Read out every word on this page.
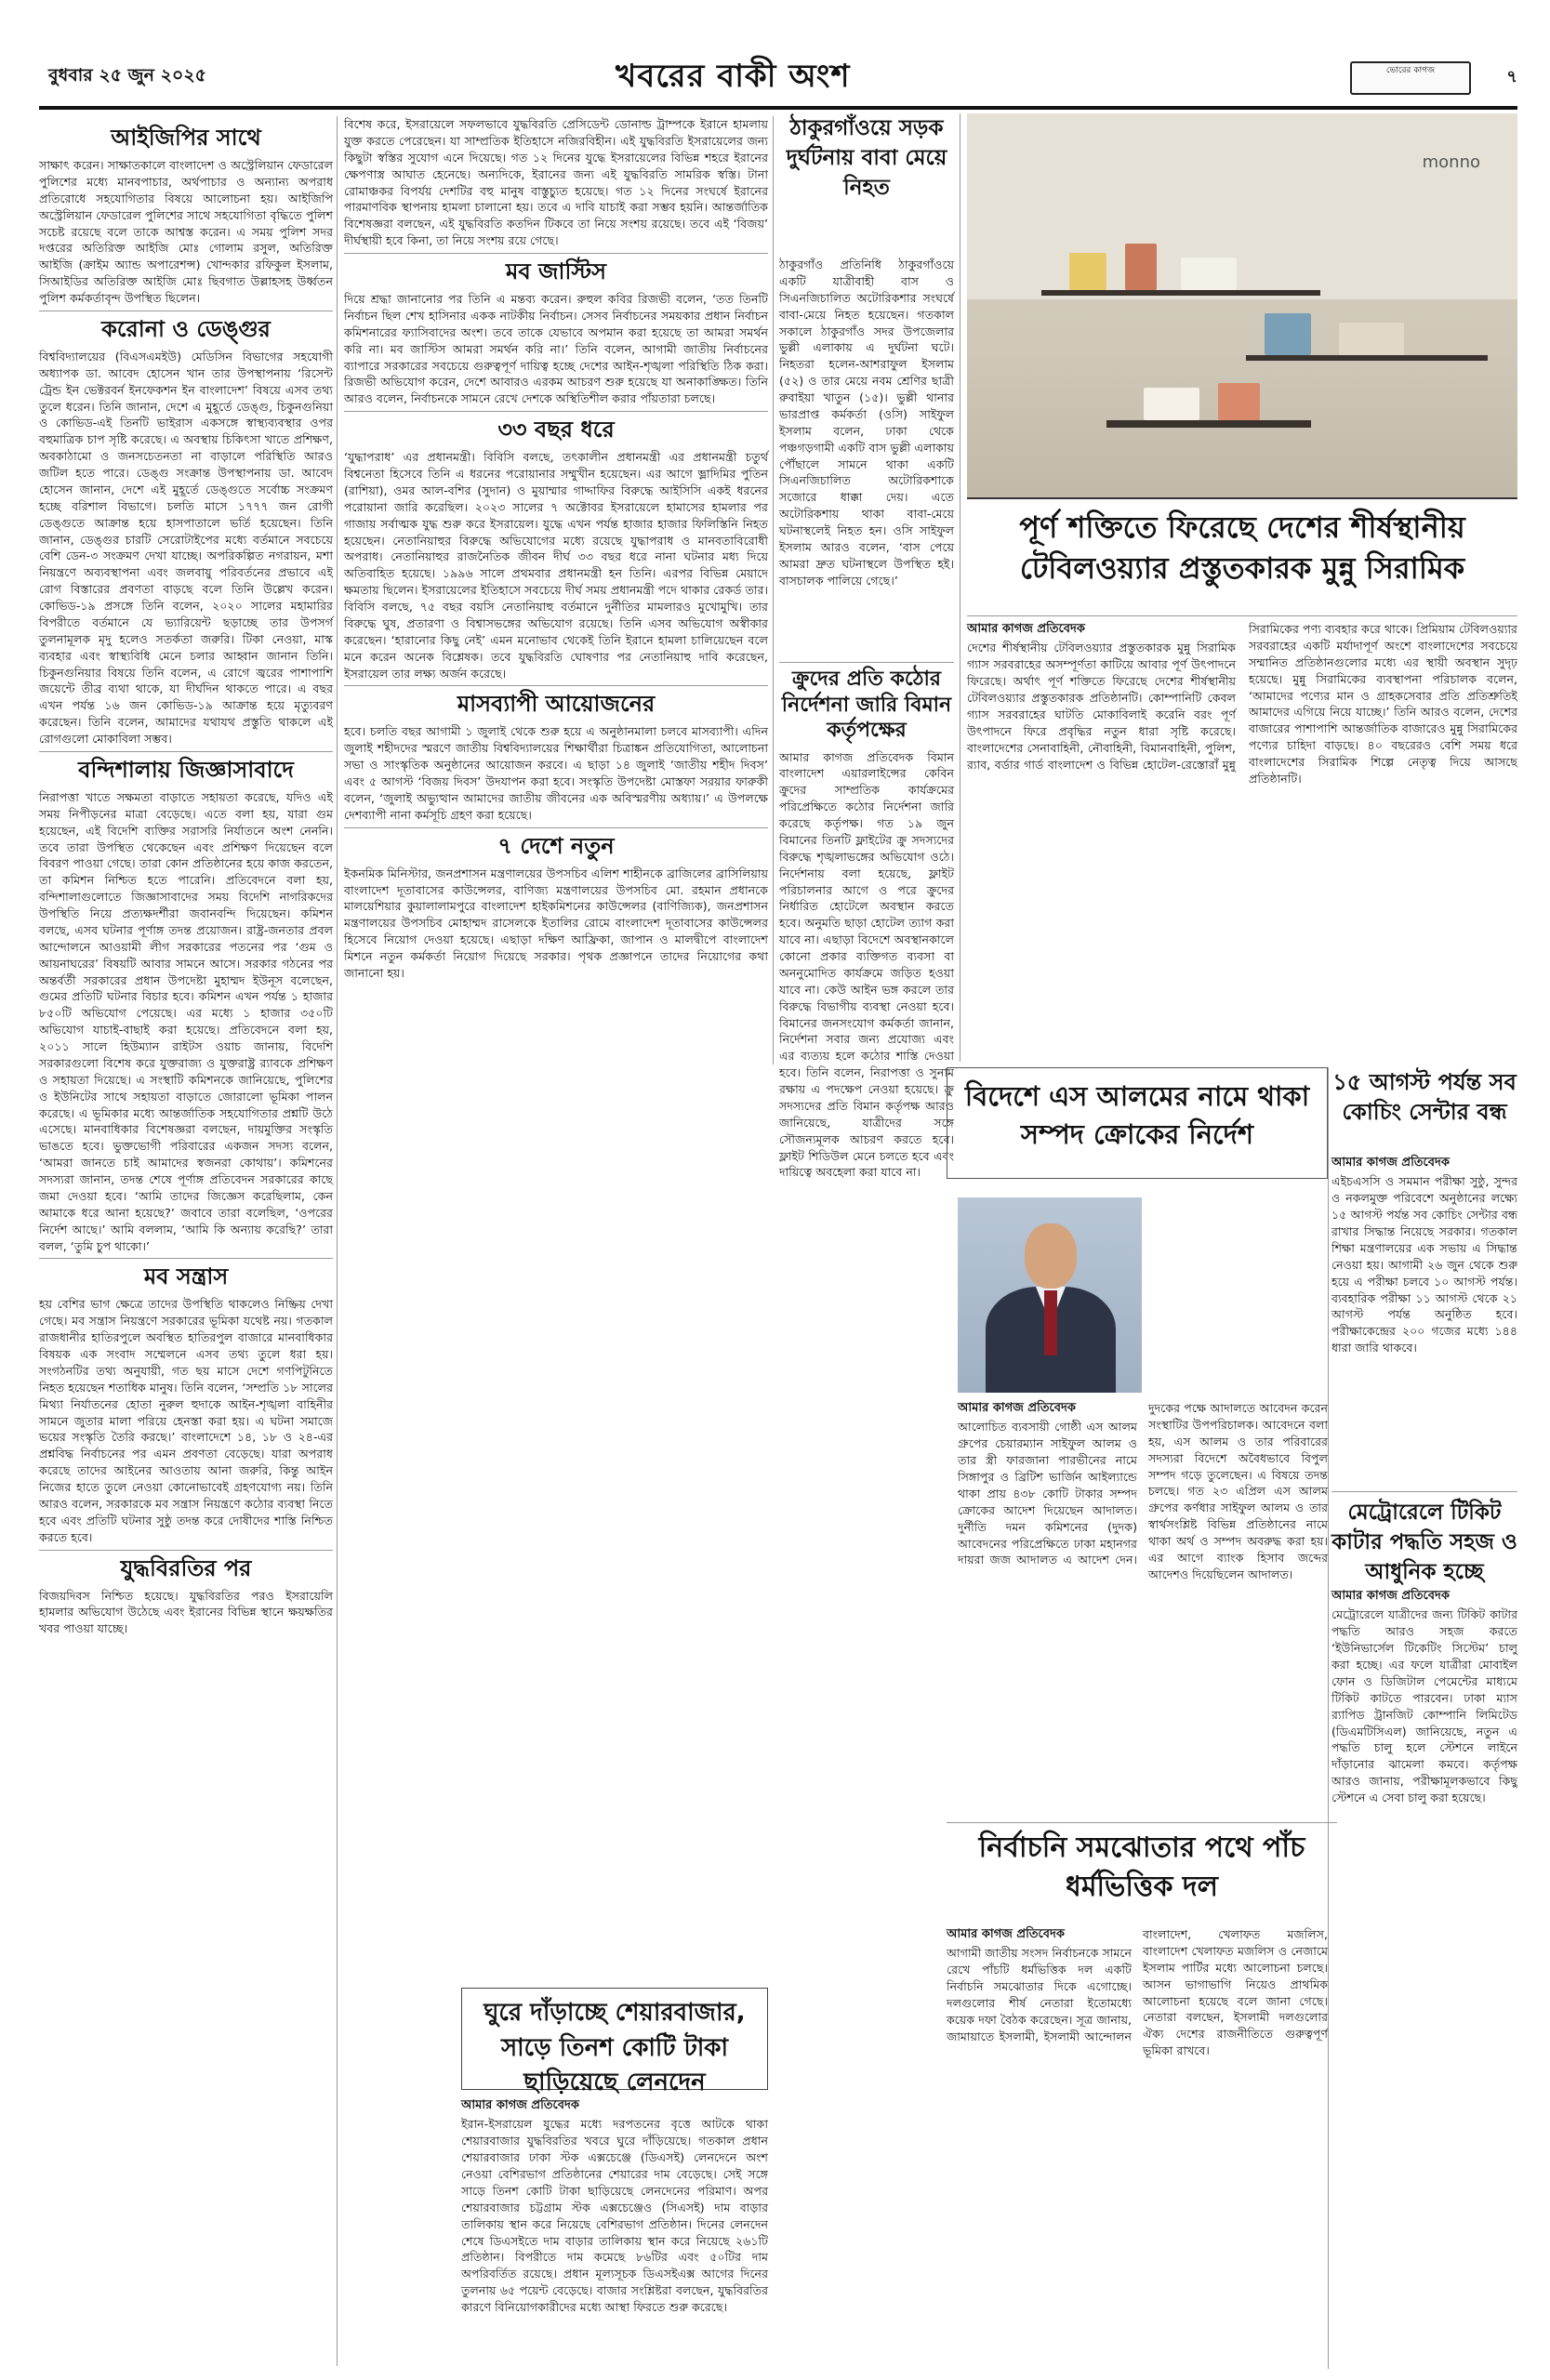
বুধবার ২৫ জুন ২০২৫	খবরের বাকী অংশ	ভোরের কাগজ	৭
আইজিপির সাথে

সাক্ষাৎ করেন। সাক্ষাতকালে বাংলাদেশ ও অস্ট্রেলিয়ান ফেডারেল পুলিশের মধ্যে মানবপাচার, অর্থপাচার ও অন্যান্য অপরাধ প্রতিরোধে সহযোগিতার বিষয়ে আলোচনা হয়। আইজিপি অস্ট্রেলিয়ান ফেডারেল পুলিশের সাথে সহযোগিতা বৃদ্ধিতে পুলিশ সচেষ্ট রয়েছে বলে তাকে আশ্বস্ত করেন। এ সময় পুলিশ সদর দপ্তরের অতিরিক্ত আইজি মোঃ গোলাম রসুল, অতিরিক্ত আইজি (ক্রাইম অ্যান্ড অপারেশন্স) খোন্দকার রফিকুল ইসলাম, সিআইডির অতিরিক্ত আইজি মোঃ ছিবগাত উল্লাহসহ উর্ধ্বতন পুলিশ কর্মকর্তাবৃন্দ উপস্থিত ছিলেন।

করোনা ও ডেঙ্গুর

বিশ্ববিদ্যালয়ের (বিএসএমইউ) মেডিসিন বিভাগের সহযোগী অধ্যাপক ডা. আবেদ হোসেন খান তার উপস্থাপনায় ‘রিসেন্ট ট্রেন্ড ইন ভেক্টরবর্ন ইনফেকশন ইন বাংলাদেশ’ বিষয়ে এসব তথ্য তুলে ধরেন। তিনি জানান, দেশে এ মুহূর্তে ডেঙ্গু, চিকুনগুনিয়া ও কোভিড-এই তিনটি ভাইরাস একসঙ্গে স্বাস্থ্যব্যবস্থার ওপর বহুমাত্রিক চাপ সৃষ্টি করেছে। এ অবস্থায় চিকিৎসা খাতে প্রশিক্ষণ, অবকাঠামো ও জনসচেতনতা না বাড়ালে পরিস্থিতি আরও জটিল হতে পারে। ডেঙ্গু সংক্রান্ত উপস্থাপনায় ডা. আবেদ হোসেন জানান, দেশে এই মুহূর্তে ডেঙ্গুতে সর্বোচ্চ সংক্রমণ হচ্ছে বরিশাল বিভাগে। চলতি মাসে ১৭৭৭ জন রোগী ডেঙ্গুতে আক্রান্ত হয়ে হাসপাতালে ভর্তি হয়েছেন। তিনি জানান, ডেঙ্গুর চারটি সেরোটাইপের মধ্যে বর্তমানে সবচেয়ে বেশি ডেন-৩ সংক্রমণ দেখা যাচ্ছে। অপরিকল্পিত নগরায়ন, মশা নিয়ন্ত্রণে অব্যবস্থাপনা এবং জলবায়ু পরিবর্তনের প্রভাবে এই রোগ বিস্তারের প্রবণতা বাড়ছে বলে তিনি উল্লেখ করেন। কোভিড-১৯ প্রসঙ্গে তিনি বলেন, ২০২০ সালের মহামারির বিপরীতে বর্তমানে যে ভ্যারিয়েন্ট ছড়াচ্ছে তার উপসর্গ তুলনামূলক মৃদু হলেও সতর্কতা জরুরি। টিকা নেওয়া, মাস্ক ব্যবহার এবং স্বাস্থ্যবিধি মেনে চলার আহ্বান জানান তিনি। চিকুনগুনিয়ার বিষয়ে তিনি বলেন, এ রোগে জ্বরের পাশাপাশি জয়েন্টে তীব্র ব্যথা থাকে, যা দীর্ঘদিন থাকতে পারে। এ বছর এখন পর্যন্ত ১৬ জন কোভিড-১৯ আক্রান্ত হয়ে মৃত্যুবরণ করেছেন। তিনি বলেন, আমাদের যথাযথ প্রস্তুতি থাকলে এই রোগগুলো মোকাবিলা সম্ভব।

বন্দিশালায় জিজ্ঞাসাবাদে

নিরাপত্তা খাতে সক্ষমতা বাড়াতে সহায়তা করেছে, যদিও এই সময় নিপীড়নের মাত্রা বেড়েছে। এতে বলা হয়, যারা গুম হয়েছেন, এই বিদেশি ব্যক্তির সরাসরি নির্যাতনে অংশ নেননি। তবে তারা উপস্থিত থেকেছেন এবং প্রশিক্ষণ দিয়েছেন বলে বিবরণ পাওয়া গেছে। তারা কোন প্রতিষ্ঠানের হয়ে কাজ করতেন, তা কমিশন নিশ্চিত হতে পারেনি। প্রতিবেদনে বলা হয়, বন্দিশালাগুলোতে জিজ্ঞাসাবাদের সময় বিদেশি নাগরিকদের উপস্থিতি নিয়ে প্রত্যক্ষদর্শীরা জবানবন্দি দিয়েছেন। কমিশন বলছে, এসব ঘটনার পূর্ণাঙ্গ তদন্ত প্রয়োজন। রাষ্ট্র-জনতার প্রবল আন্দোলনে আওয়ামী লীগ সরকারের পতনের পর ‘গুম ও আয়নাঘরের’ বিষয়টি আবার সামনে আসে। সরকার গঠনের পর অন্তর্বর্তী সরকারের প্রধান উপদেষ্টা মুহাম্মদ ইউনূস বলেছেন, গুমের প্রতিটি ঘটনার বিচার হবে। কমিশন এখন পর্যন্ত ১ হাজার ৮৫০টি অভিযোগ পেয়েছে। এর মধ্যে ১ হাজার ৩৫০টি অভিযোগ যাচাই-বাছাই করা হয়েছে। প্রতিবেদনে বলা হয়, ২০১১ সালে হিউম্যান রাইটস ওয়াচ জানায়, বিদেশি সরকারগুলো বিশেষ করে যুক্তরাজ্য ও যুক্তরাষ্ট্র র‍্যাবকে প্রশিক্ষণ ও সহায়তা দিয়েছে। এ সংস্থাটি কমিশনকে জানিয়েছে, পুলিশের ও ইউনিটের সাথে সহায়তা বাড়াতে জোরালো ভূমিকা পালন করেছে। এ ভূমিকার মধ্যে আন্তর্জাতিক সহযোগিতার প্রশ্নটি উঠে এসেছে। মানবাধিকার বিশেষজ্ঞরা বলছেন, দায়মুক্তির সংস্কৃতি ভাঙতে হবে। ভুক্তভোগী পরিবারের একজন সদস্য বলেন, ‘আমরা জানতে চাই আমাদের স্বজনরা কোথায়’। কমিশনের সদস্যরা জানান, তদন্ত শেষে পূর্ণাঙ্গ প্রতিবেদন সরকারের কাছে জমা দেওয়া হবে। ‘আমি তাদের জিজ্ঞেস করেছিলাম, কেন আমাকে ধরে আনা হয়েছে?’ জবাবে তারা বলেছিল, ‘ওপরের নির্দেশ আছে।’ আমি বললাম, ‘আমি কি অন্যায় করেছি?’ তারা বলল, ‘তুমি চুপ থাকো।’

মব সন্ত্রাস

হয় বেশির ভাগ ক্ষেত্রে তাদের উপস্থিতি থাকলেও নিষ্ক্রিয় দেখা গেছে। মব সন্ত্রাস নিয়ন্ত্রণে সরকারের ভূমিকা যথেষ্ট নয়। গতকাল রাজধানীর হাতিরপুলে অবস্থিত হাতিরপুল বাজারে মানবাধিকার বিষয়ক এক সংবাদ সম্মেলনে এসব তথ্য তুলে ধরা হয়। সংগঠনটির তথ্য অনুযায়ী, গত ছয় মাসে দেশে গণপিটুনিতে নিহত হয়েছেন শতাধিক মানুষ। তিনি বলেন, ‘সম্প্রতি ১৮ সালের মিথ্যা নির্যাতনের হোতা নুরুল হুদাকে আইন-শৃঙ্খলা বাহিনীর সামনে জুতার মালা পরিয়ে হেনস্তা করা হয়। এ ঘটনা সমাজে ভয়ের সংস্কৃতি তৈরি করছে।’ বাংলাদেশে ১৪, ১৮ ও ২৪-এর প্রশ্নবিদ্ধ নির্বাচনের পর এমন প্রবণতা বেড়েছে। যারা অপরাধ করেছে তাদের আইনের আওতায় আনা জরুরি, কিন্তু আইন নিজের হাতে তুলে নেওয়া কোনোভাবেই গ্রহণযোগ্য নয়। তিনি আরও বলেন, সরকারকে মব সন্ত্রাস নিয়ন্ত্রণে কঠোর ব্যবস্থা নিতে হবে এবং প্রতিটি ঘটনার সুষ্ঠু তদন্ত করে দোষীদের শাস্তি নিশ্চিত করতে হবে।

যুদ্ধবিরতির পর

বিজয়দিবস নিশ্চিত হয়েছে। যুদ্ধবিরতির পরও ইসরায়েলি হামলার অভিযোগ উঠেছে এবং ইরানের বিভিন্ন স্থানে ক্ষয়ক্ষতির খবর পাওয়া যাচ্ছে।

বিশেষ করে, ইসরায়েলে সফলভাবে যুদ্ধবিরতি প্রেসিডেন্ট ডোনাল্ড ট্রাম্পকে ইরানে হামলায় যুক্ত করতে পেরেছেন। যা সাম্প্রতিক ইতিহাসে নজিরবিহীন। এই যুদ্ধবিরতি ইসরায়েলের জন্য কিছুটা স্বস্তির সুযোগ এনে দিয়েছে। গত ১২ দিনের যুদ্ধে ইসরায়েলের বিভিন্ন শহরে ইরানের ক্ষেপণাস্ত্র আঘাত হেনেছে। অন্যদিকে, ইরানের জন্য এই যুদ্ধবিরতি সামরিক স্বস্তি। টানা রোমাঞ্চকর বিপর্যয় দেশটির বহু মানুষ বাস্তুচ্যুত হয়েছে। গত ১২ দিনের সংঘর্ষে ইরানের পারমাণবিক স্থাপনায় হামলা চালানো হয়। তবে এ দাবি যাচাই করা সম্ভব হয়নি। আন্তর্জাতিক বিশেষজ্ঞরা বলছেন, এই যুদ্ধবিরতি কতদিন টিকবে তা নিয়ে সংশয় রয়েছে। তবে এই ‘বিজয়’ দীর্ঘস্থায়ী হবে কিনা, তা নিয়ে সংশয় রয়ে গেছে।

মব জাস্টিস

দিয়ে শ্রদ্ধা জানানোর পর তিনি এ মন্তব্য করেন। রুহুল কবির রিজভী বলেন, ‘তত তিনটি নির্বাচন ছিল শেখ হাসিনার একক নাটকীয় নির্বাচন। সেসব নির্বাচনের সময়কার প্রধান নির্বাচন কমিশনারের ফ্যাসিবাদের অংশ। তবে তাকে যেভাবে অপমান করা হয়েছে তা আমরা সমর্থন করি না। মব জাস্টিস আমরা সমর্থন করি না।’ তিনি বলেন, আগামী জাতীয় নির্বাচনের ব্যাপারে সরকারের সবচেয়ে গুরুত্বপূর্ণ দায়িত্ব হচ্ছে দেশের আইন-শৃঙ্খলা পরিস্থিতি ঠিক করা। রিজভী অভিযোগ করেন, দেশে আবারও এরকম আচরণ শুরু হয়েছে যা অনাকাঙ্ক্ষিত। তিনি আরও বলেন, নির্বাচনকে সামনে রেখে দেশকে অস্থিতিশীল করার পাঁয়তারা চলছে।

৩৩ বছর ধরে

‘যুদ্ধাপরাধ’ এর প্রধানমন্ত্রী। বিবিসি বলছে, তৎকালীন প্রধানমন্ত্রী এর প্রধানমন্ত্রী চতুর্থ বিশ্বনেতা হিসেবে তিনি এ ধরনের পরোয়ানার সম্মুখীন হয়েছেন। এর আগে ভ্লাদিমির পুতিন (রাশিয়া), ওমর আল-বশির (সুদান) ও মুয়াম্মার গাদ্দাফির বিরুদ্ধে আইসিসি একই ধরনের পরোয়ানা জারি করেছিল। ২০২৩ সালের ৭ অক্টোবর ইসরায়েলে হামাসের হামলার পর গাজায় সর্বাত্মক যুদ্ধ শুরু করে ইসরায়েল। যুদ্ধে এখন পর্যন্ত হাজার হাজার ফিলিস্তিনি নিহত হয়েছেন। নেতানিয়াহুর বিরুদ্ধে অভিযোগের মধ্যে রয়েছে যুদ্ধাপরাধ ও মানবতাবিরোধী অপরাধ। নেতানিয়াহুর রাজনৈতিক জীবন দীর্ঘ ৩৩ বছর ধরে নানা ঘটনার মধ্য দিয়ে অতিবাহিত হয়েছে। ১৯৯৬ সালে প্রথমবার প্রধানমন্ত্রী হন তিনি। এরপর বিভিন্ন মেয়াদে ক্ষমতায় ছিলেন। ইসরায়েলের ইতিহাসে সবচেয়ে দীর্ঘ সময় প্রধানমন্ত্রী পদে থাকার রেকর্ড তার। বিবিসি বলছে, ৭৫ বছর বয়সি নেতানিয়াহু বর্তমানে দুর্নীতির মামলারও মুখোমুখি। তার বিরুদ্ধে ঘুষ, প্রতারণা ও বিশ্বাসভঙ্গের অভিযোগ রয়েছে। তিনি এসব অভিযোগ অস্বীকার করেছেন। ‘হারানোর কিছু নেই’ এমন মনোভাব থেকেই তিনি ইরানে হামলা চালিয়েছেন বলে মনে করেন অনেক বিশ্লেষক। তবে যুদ্ধবিরতি ঘোষণার পর নেতানিয়াহু দাবি করেছেন, ইসরায়েল তার লক্ষ্য অর্জন করেছে।

মাসব্যাপী আয়োজনের

হবে। চলতি বছর আগামী ১ জুলাই থেকে শুরু হয়ে এ অনুষ্ঠানমালা চলবে মাসব্যাপী। এদিন জুলাই শহীদদের স্মরণে জাতীয় বিশ্ববিদ্যালয়ের শিক্ষার্থীরা চিত্রাঙ্কন প্রতিযোগিতা, আলোচনা সভা ও সাংস্কৃতিক অনুষ্ঠানের আয়োজন করবে। এ ছাড়া ১৪ জুলাই ‘জাতীয় শহীদ দিবস’ এবং ৫ আগস্ট ‘বিজয় দিবস’ উদযাপন করা হবে। সংস্কৃতি উপদেষ্টা মোস্তফা সরয়ার ফারুকী বলেন, ‘জুলাই অভ্যুত্থান আমাদের জাতীয় জীবনের এক অবিস্মরণীয় অধ্যায়।’ এ উপলক্ষে দেশব্যাপী নানা কর্মসূচি গ্রহণ করা হয়েছে।

৭ দেশে নতুন

ইকনমিক মিনিস্টার, জনপ্রশাসন মন্ত্রণালয়ের উপসচিব এলিশ শাহীনকে ব্রাজিলের ব্রাসিলিয়ায় বাংলাদেশ দূতাবাসের কাউন্সেলর, বাণিজ্য মন্ত্রণালয়ের উপসচিব মো. রহমান প্রধানকে মালয়েশিয়ার কুয়ালালামপুরে বাংলাদেশ হাইকমিশনের কাউন্সেলর (বাণিজ্যিক), জনপ্রশাসন মন্ত্রণালয়ের উপসচিব মোহাম্মদ রাসেলকে ইতালির রোমে বাংলাদেশ দূতাবাসের কাউন্সেলর হিসেবে নিয়োগ দেওয়া হয়েছে। এছাড়া দক্ষিণ আফ্রিকা, জাপান ও মালদ্বীপে বাংলাদেশ মিশনে নতুন কর্মকর্তা নিয়োগ দিয়েছে সরকার। পৃথক প্রজ্ঞাপনে তাদের নিয়োগের কথা জানানো হয়।

ঘুরে দাঁড়াচ্ছে শেয়ারবাজার, সাড়ে তিনশ কোটি টাকা ছাড়িয়েছে লেনদেন
আমার কাগজ প্রতিবেদক

ইরান-ইসরায়েল যুদ্ধের মধ্যে দরপতনের বৃত্তে আটকে থাকা শেয়ারবাজার যুদ্ধবিরতির খবরে ঘুরে দাঁড়িয়েছে। গতকাল প্রধান শেয়ারবাজার ঢাকা স্টক এক্সচেঞ্জে (ডিএসই) লেনদেনে অংশ নেওয়া বেশিরভাগ প্রতিষ্ঠানের শেয়ারের দাম বেড়েছে। সেই সঙ্গে সাড়ে তিনশ কোটি টাকা ছাড়িয়েছে লেনদেনের পরিমাণ। অপর শেয়ারবাজার চট্টগ্রাম স্টক এক্সচেঞ্জেও (সিএসই) দাম বাড়ার তালিকায় স্থান করে নিয়েছে বেশিরভাগ প্রতিষ্ঠান। দিনের লেনদেন শেষে ডিএসইতে দাম বাড়ার তালিকায় স্থান করে নিয়েছে ২৬১টি প্রতিষ্ঠান। বিপরীতে দাম কমেছে ৮৬টির এবং ৫০টির দাম অপরিবর্তিত রয়েছে। প্রধান মূল্যসূচক ডিএসইএক্স আগের দিনের তুলনায় ৬৫ পয়েন্ট বেড়েছে। বাজার সংশ্লিষ্টরা বলছেন, যুদ্ধবিরতির কারণে বিনিয়োগকারীদের মধ্যে আস্থা ফিরতে শুরু করেছে।

ঠাকুরগাঁওয়ে সড়ক দুর্ঘটনায় বাবা মেয়ে নিহত

ঠাকুরগাঁও প্রতিনিধি ঠাকুরগাঁওয়ে একটি যাত্রীবাহী বাস ও সিএনজিচালিত অটোরিকশার সংঘর্ষে বাবা-মেয়ে নিহত হয়েছেন। গতকাল সকালে ঠাকুরগাঁও সদর উপজেলার ভুল্লী এলাকায় এ দুর্ঘটনা ঘটে। নিহতরা হলেন-আশরাফুল ইসলাম (৫২) ও তার মেয়ে নবম শ্রেণির ছাত্রী রুবাইয়া খাতুন (১৫)। ভুল্লী থানার ভারপ্রাপ্ত কর্মকর্তা (ওসি) সাইফুল ইসলাম বলেন, ঢাকা থেকে পঞ্চগড়গামী একটি বাস ভুল্লী এলাকায় পৌঁছালে সামনে থাকা একটি সিএনজিচালিত অটোরিকশাকে সজোরে ধাক্কা দেয়। এতে অটোরিকশায় থাকা বাবা-মেয়ে ঘটনাস্থলেই নিহত হন। ওসি সাইফুল ইসলাম আরও বলেন, ‘বাস পেয়ে আমরা দ্রুত ঘটনাস্থলে উপস্থিত হই। বাসচালক পালিয়ে গেছে।’

ক্রুদের প্রতি কঠোর নির্দেশনা জারি বিমান কর্তৃপক্ষের

আমার কাগজ প্রতিবেদক বিমান বাংলাদেশ এয়ারলাইন্সের কেবিন ক্রুদের সাম্প্রতিক কার্যক্রমের পরিপ্রেক্ষিতে কঠোর নির্দেশনা জারি করেছে কর্তৃপক্ষ। গত ১৯ জুন বিমানের তিনটি ফ্লাইটের ক্রু সদস্যদের বিরুদ্ধে শৃঙ্খলাভঙ্গের অভিযোগ ওঠে। নির্দেশনায় বলা হয়েছে, ফ্লাইট পরিচালনার আগে ও পরে ক্রুদের নির্ধারিত হোটেলে অবস্থান করতে হবে। অনুমতি ছাড়া হোটেল ত্যাগ করা যাবে না। এছাড়া বিদেশে অবস্থানকালে কোনো প্রকার ব্যক্তিগত ব্যবসা বা অননুমোদিত কার্যক্রমে জড়িত হওয়া যাবে না। কেউ আইন ভঙ্গ করলে তার বিরুদ্ধে বিভাগীয় ব্যবস্থা নেওয়া হবে। বিমানের জনসংযোগ কর্মকর্তা জানান, নির্দেশনা সবার জন্য প্রযোজ্য এবং এর ব্যত্যয় হলে কঠোর শাস্তি দেওয়া হবে। তিনি বলেন, নিরাপত্তা ও সুনাম রক্ষায় এ পদক্ষেপ নেওয়া হয়েছে। ক্রু সদস্যদের প্রতি বিমান কর্তৃপক্ষ আরও জানিয়েছে, যাত্রীদের সঙ্গে সৌজন্যমূলক আচরণ করতে হবে। ফ্লাইট শিডিউল মেনে চলতে হবে এবং দায়িত্বে অবহেলা করা যাবে না।

monno
পূর্ণ শক্তিতে ফিরেছে দেশের শীর্ষস্থানীয় টেবিলওয়্যার প্রস্তুতকারক মুন্নু সিরামিক
আমার কাগজ প্রতিবেদক

দেশের শীর্ষস্থানীয় টেবিলওয়্যার প্রস্তুতকারক মুন্নু সিরামিক গ্যাস সরবরাহের অসম্পূর্ণতা কাটিয়ে আবার পূর্ণ উৎপাদনে ফিরেছে। অর্থাৎ পূর্ণ শক্তিতে ফিরেছে দেশের শীর্ষস্থানীয় টেবিলওয়্যার প্রস্তুতকারক প্রতিষ্ঠানটি। কোম্পানিটি কেবল গ্যাস সরবরাহের ঘাটতি মোকাবিলাই করেনি বরং পূর্ণ উৎপাদনে ফিরে প্রবৃদ্ধির নতুন ধারা সৃষ্টি করেছে। বাংলাদেশের সেনাবাহিনী, নৌবাহিনী, বিমানবাহিনী, পুলিশ, র‍্যাব, বর্ডার গার্ড বাংলাদেশ ও বিভিন্ন হোটেল-রেস্তোরাঁ মুন্নু সিরামিকের পণ্য ব্যবহার করে থাকে। প্রিমিয়াম টেবিলওয়্যার সরবরাহের একটি মর্যাদাপূর্ণ অংশে বাংলাদেশের সবচেয়ে সম্মানিত প্রতিষ্ঠানগুলোর মধ্যে এর স্থায়ী অবস্থান সুদৃঢ় হয়েছে। মুন্নু সিরামিকের ব্যবস্থাপনা পরিচালক বলেন, ‘আমাদের পণ্যের মান ও গ্রাহকসেবার প্রতি প্রতিশ্রুতিই আমাদের এগিয়ে নিয়ে যাচ্ছে।’ তিনি আরও বলেন, দেশের বাজারের পাশাপাশি আন্তর্জাতিক বাজারেও মুন্নু সিরামিকের পণ্যের চাহিদা বাড়ছে। ৪০ বছরেরও বেশি সময় ধরে বাংলাদেশের সিরামিক শিল্পে নেতৃত্ব দিয়ে আসছে প্রতিষ্ঠানটি।

বিদেশে এস আলমের নামে থাকা সম্পদ ক্রোকের নির্দেশ
আমার কাগজ প্রতিবেদক

আলোচিত ব্যবসায়ী গোষ্ঠী এস আলম গ্রুপের চেয়ারম্যান সাইফুল আলম ও তার স্ত্রী ফারজানা পারভীনের নামে সিঙ্গাপুর ও ব্রিটিশ ভার্জিন আইল্যান্ডে থাকা প্রায় ৪৩৮ কোটি টাকার সম্পদ ক্রোকের আদেশ দিয়েছেন আদালত। দুর্নীতি দমন কমিশনের (দুদক) আবেদনের পরিপ্রেক্ষিতে ঢাকা মহানগর দায়রা জজ আদালত এ আদেশ দেন। দুদকের পক্ষে আদালতে আবেদন করেন সংস্থাটির উপপরিচালক। আবেদনে বলা হয়, এস আলম ও তার পরিবারের সদস্যরা বিদেশে অবৈধভাবে বিপুল সম্পদ গড়ে তুলেছেন। এ বিষয়ে তদন্ত চলছে। গত ২৩ এপ্রিল এস আলম গ্রুপের কর্ণধার সাইফুল আলম ও তার স্বার্থসংশ্লিষ্ট বিভিন্ন প্রতিষ্ঠানের নামে থাকা অর্থ ও সম্পদ অবরুদ্ধ করা হয়। এর আগে ব্যাংক হিসাব জব্দের আদেশও দিয়েছিলেন আদালত।

১৫ আগস্ট পর্যন্ত সব কোচিং সেন্টার বন্ধ
আমার কাগজ প্রতিবেদক

এইচএসসি ও সমমান পরীক্ষা সুষ্ঠু, সুন্দর ও নকলমুক্ত পরিবেশে অনুষ্ঠানের লক্ষ্যে ১৫ আগস্ট পর্যন্ত সব কোচিং সেন্টার বন্ধ রাখার সিদ্ধান্ত নিয়েছে সরকার। গতকাল শিক্ষা মন্ত্রণালয়ের এক সভায় এ সিদ্ধান্ত নেওয়া হয়। আগামী ২৬ জুন থেকে শুরু হয়ে এ পরীক্ষা চলবে ১০ আগস্ট পর্যন্ত। ব্যবহারিক পরীক্ষা ১১ আগস্ট থেকে ২১ আগস্ট পর্যন্ত অনুষ্ঠিত হবে। পরীক্ষাকেন্দ্রের ২০০ গজের মধ্যে ১৪৪ ধারা জারি থাকবে।

মেট্রোরেলে টিকিট কাটার পদ্ধতি সহজ ও আধুনিক হচ্ছে
আমার কাগজ প্রতিবেদক

মেট্রোরেলে যাত্রীদের জন্য টিকিট কাটার পদ্ধতি আরও সহজ করতে ‘ইউনিভার্সেল টিকেটিং সিস্টেম’ চালু করা হচ্ছে। এর ফলে যাত্রীরা মোবাইল ফোন ও ডিজিটাল পেমেন্টের মাধ্যমে টিকিট কাটতে পারবেন। ঢাকা ম্যাস র‍্যাপিড ট্রানজিট কোম্পানি লিমিটেড (ডিএমটিসিএল) জানিয়েছে, নতুন এ পদ্ধতি চালু হলে স্টেশনে লাইনে দাঁড়ানোর ঝামেলা কমবে। কর্তৃপক্ষ আরও জানায়, পরীক্ষামূলকভাবে কিছু স্টেশনে এ সেবা চালু করা হয়েছে।

নির্বাচনি সমঝোতার পথে পাঁচ ধর্মভিত্তিক দল
আমার কাগজ প্রতিবেদক

আগামী জাতীয় সংসদ নির্বাচনকে সামনে রেখে পাঁচটি ধর্মভিত্তিক দল একটি নির্বাচনি সমঝোতার দিকে এগোচ্ছে। দলগুলোর শীর্ষ নেতারা ইতোমধ্যে কয়েক দফা বৈঠক করেছেন। সূত্র জানায়, জামায়াতে ইসলামী, ইসলামী আন্দোলন বাংলাদেশ, খেলাফত মজলিস, বাংলাদেশ খেলাফত মজলিস ও নেজামে ইসলাম পার্টির মধ্যে আলোচনা চলছে। আসন ভাগাভাগি নিয়েও প্রাথমিক আলোচনা হয়েছে বলে জানা গেছে। নেতারা বলছেন, ইসলামী দলগুলোর ঐক্য দেশের রাজনীতিতে গুরুত্বপূর্ণ ভূমিকা রাখবে।
